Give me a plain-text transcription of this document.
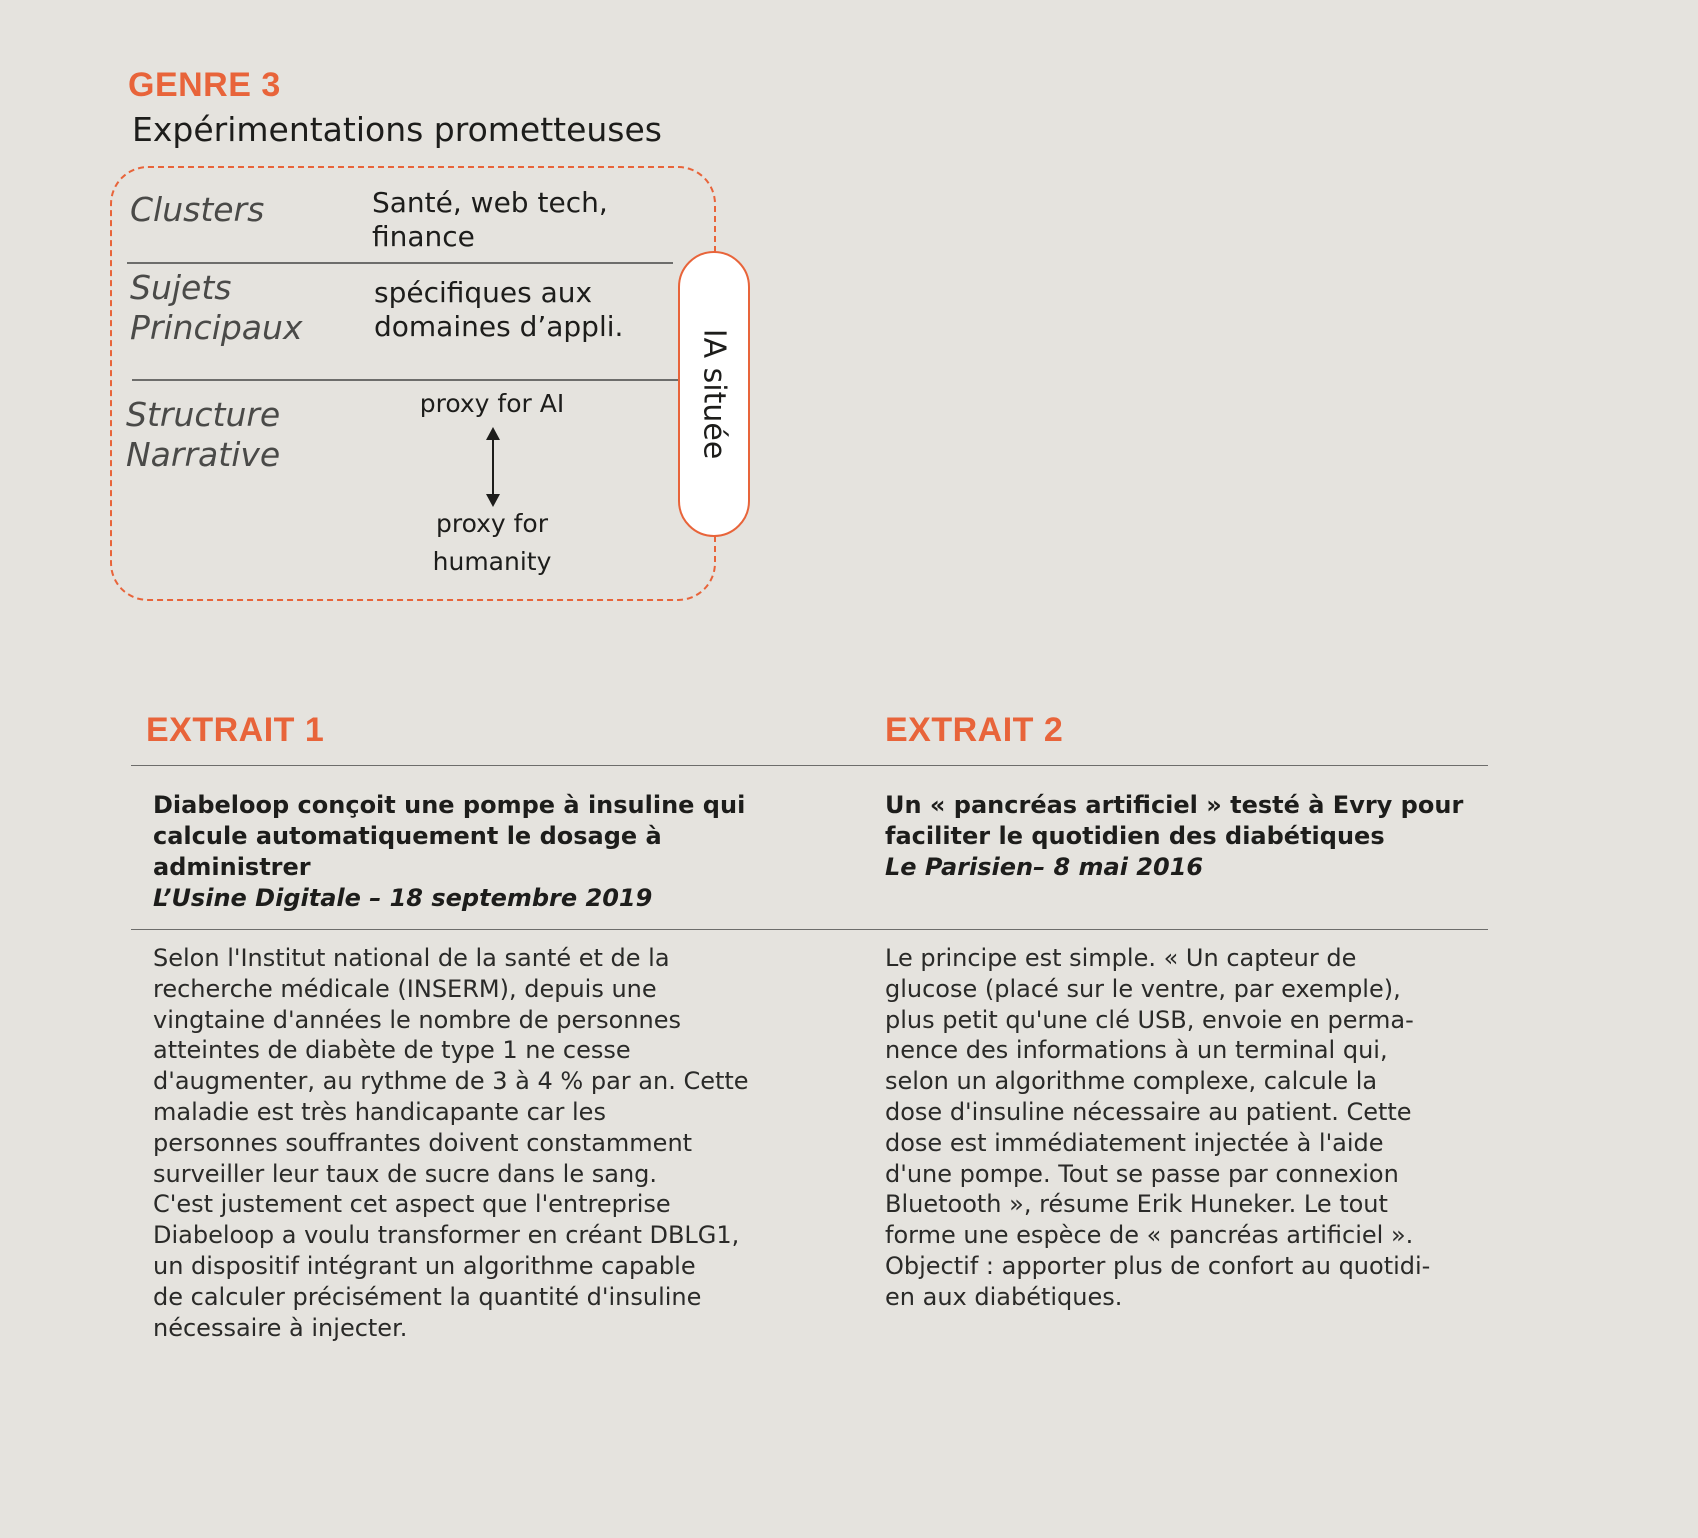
GENRE 3
Expérimentations prometteuses
Clusters	Santé, web tech,
finance
Sujets
Principaux
spécifiques aux
domaines d’appli.
Structure
Narrative
proxy for AI
proxy for
humanity
IA située
EXTRAIT 1	EXTRAIT 2
Diabeloop conçoit une pompe à insuline qui
calcule automatiquement le dosage à
administrer
L’Usine Digitale – 18 septembre 2019
Un « pancréas artificiel » testé à Evry pour
faciliter le quotidien des diabétiques
Le Parisien– 8 mai 2016

Selon l'Institut national de la santé et de la

recherche médicale (INSERM), depuis une

vingtaine d'années le nombre de personnes

atteintes de diabète de type 1 ne cesse

d'augmenter, au rythme de 3 à 4 % par an. Cette

maladie est très handicapante car les

personnes souffrantes doivent constamment

surveiller leur taux de sucre dans le sang.

C'est justement cet aspect que l'entreprise

Diabeloop a voulu transformer en créant DBLG1,

un dispositif intégrant un algorithme capable

de calculer précisément la quantité d'insuline

nécessaire à injecter.

Le principe est simple. « Un capteur de

glucose (placé sur le ventre, par exemple),

plus petit qu'une clé USB, envoie en perma-

nence des informations à un terminal qui,

selon un algorithme complexe, calcule la

dose d'insuline nécessaire au patient. Cette

dose est immédiatement injectée à l'aide

d'une pompe. Tout se passe par connexion

Bluetooth », résume Erik Huneker. Le tout

forme une espèce de « pancréas artificiel ».

Objectif : apporter plus de confort au quotidi-

en aux diabétiques.
